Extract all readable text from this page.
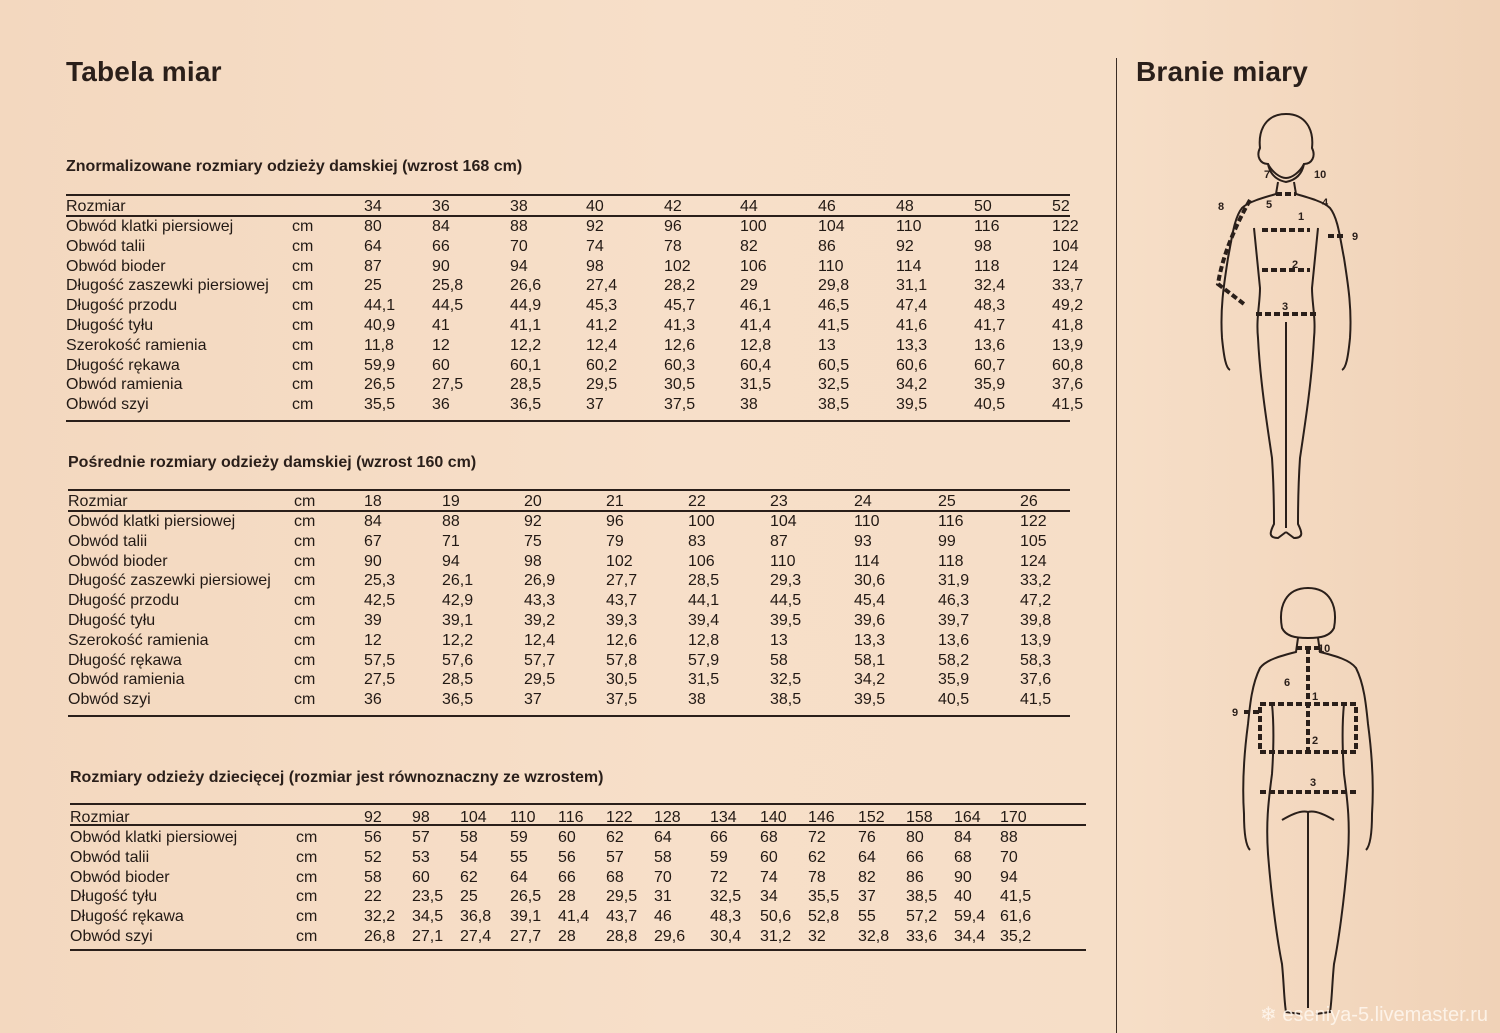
Tabela miar	Branie miary
Znormalizowane rozmiary odzieży damskiej (wzrost 168 cm)
Rozmiar	34	36	38	40	42	44	46	48	50	52
Obwód klatki piersiowej	cm	80	84	88	92	96	100	104	110	116	122
Obwód talii	cm	64	66	70	74	78	82	86	92	98	104
Obwód bioder	cm	87	90	94	98	102	106	110	114	118	124
Długość zaszewki piersiowej cm	25	25,8	26,6	27,4	28,2	29	29,8	31,1	32,4	33,7
Długość przodu	cm	44,1 44,5	44,9	45,3	45,7	46,1	46,5	47,4	48,3	49,2
Długość tyłu	cm	40,9 41	41,1	41,2	41,3	41,4	41,5	41,6	41,7	41,8
Szerokość ramienia	cm	11,8 12	12,2	12,4	12,6	12,8	13	13,3	13,6	13,9
Długość rękawa	cm	59,9 60	60,1	60,2	60,3	60,4	60,5	60,6	60,7	60,8
Obwód ramienia	cm	26,5 27,5	28,5	29,5	30,5	31,5	32,5	34,2	35,9	37,6
Obwód szyi	cm	35,5 36	36,5	37	37,5	38	38,5	39,5	40,5	41,5
Pośrednie rozmiary odzieży damskiej (wzrost 160 cm)
Rozmiar	cm	18	19	20	21	22	23	24	25	26
Obwód klatki piersiowej	cm	84	88	92	96	100	104	110	116	122
Obwód talii	cm	67	71	75	79	83	87	93	99	105
Obwód bioder	cm	90	94	98	102	106	110	114	118	124
Długość zaszewki piersiowej cm	25,3	26,1	26,9	27,7	28,5	29,3	30,6	31,9	33,2
Długość przodu	cm	42,5	42,9	43,3	43,7	44,1	44,5	45,4	46,3	47,2
Długość tyłu	cm	39	39,1	39,2	39,3	39,4	39,5	39,6	39,7	39,8
Szerokość ramienia	cm	12	12,2	12,4	12,6	12,8	13	13,3	13,6	13,9
Długość rękawa	cm	57,5	57,6	57,7	57,8	57,9	58	58,1	58,2	58,3
Obwód ramienia	cm	27,5	28,5	29,5	30,5	31,5	32,5	34,2	35,9	37,6
Obwód szyi	cm	36	36,5	37	37,5	38	38,5	39,5	40,5	41,5
Rozmiary odzieży dziecięcej (rozmiar jest równoznaczny ze wzrostem)
Rozmiar	92 98 104 110 116 122 128 134 140 146 152 158 164 170
Obwód klatki piersiowej	cm	56 57 58 59 60 62 64 66 68 72 76 80 84 88
Obwód talii	cm	52 53 54 55 56 57 58 59 60 62 64 66 68 70
Obwód bioder	cm	58 60 62 64 66 68 70 72 74 78 82 86 90 94
Długość tyłu	cm	22 23,5 25 26,5 28 29,5 31 32,5 34 35,5 37 38,5 40 41,5
Długość rękawa	cm	32,2 34,5 36,8 39,1 41,4 43,7 46 48,3 50,6 52,8 55 57,2 59,4 61,6
Obwód szyi	cm	26,8 27,1 27,4 27,7 28 28,8 29,6 30,4 31,2 32 32,8 33,6 34,4 35,2
1
2
3
4
5
7
8
9
10
1
2
3
6
9
10
❄ eseniya-5.livemaster.ru
